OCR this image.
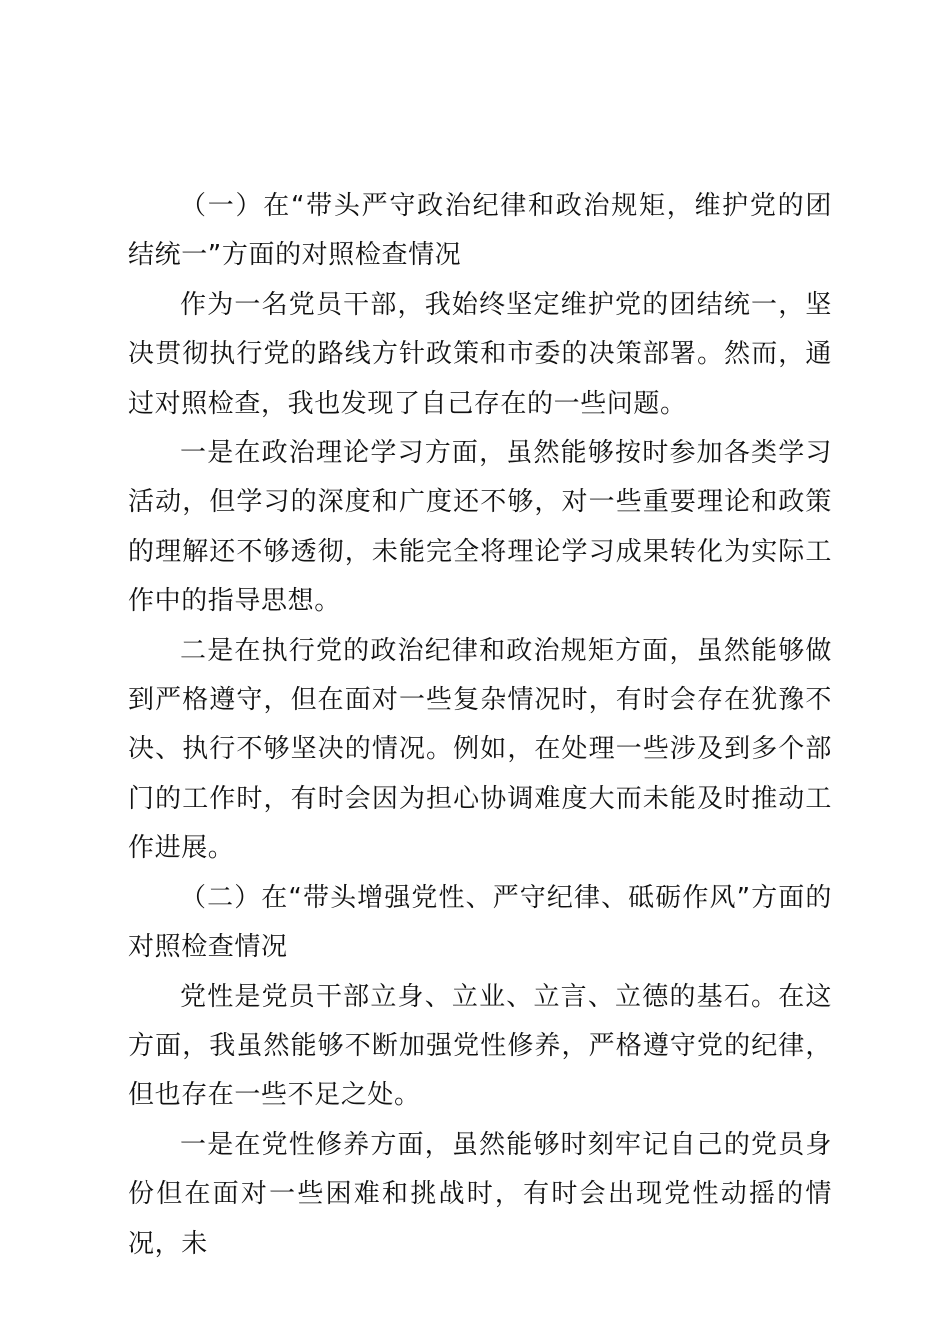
（一）在“带头严守政治纪律和政治规矩，维护党的团结统一”方面的对照检查情况

作为一名党员干部，我始终坚定维护党的团结统一，坚决贯彻执行党的路线方针政策和市委的决策部署。然而，通过对照检查，我也发现了自己存在的一些问题。

一是在政治理论学习方面，虽然能够按时参加各类学习活动，但学习的深度和广度还不够，对一些重要理论和政策的理解还不够透彻，未能完全将理论学习成果转化为实际工作中的指导思想。

二是在执行党的政治纪律和政治规矩方面，虽然能够做到严格遵守，但在面对一些复杂情况时，有时会存在犹豫不决、执行不够坚决的情况。例如，在处理一些涉及到多个部门的工作时，有时会因为担心协调难度大而未能及时推动工作进展。

（二）在“带头增强党性、严守纪律、砥砺作风”方面的对照检查情况

党性是党员干部立身、立业、立言、立德的基石。在这方面，我虽然能够不断加强党性修养，严格遵守党的纪律，但也存在一些不足之处。

一是在党性修养方面，虽然能够时刻牢记自己的党员身份但在面对一些困难和挑战时，有时会出现党性动摇的情况，未
